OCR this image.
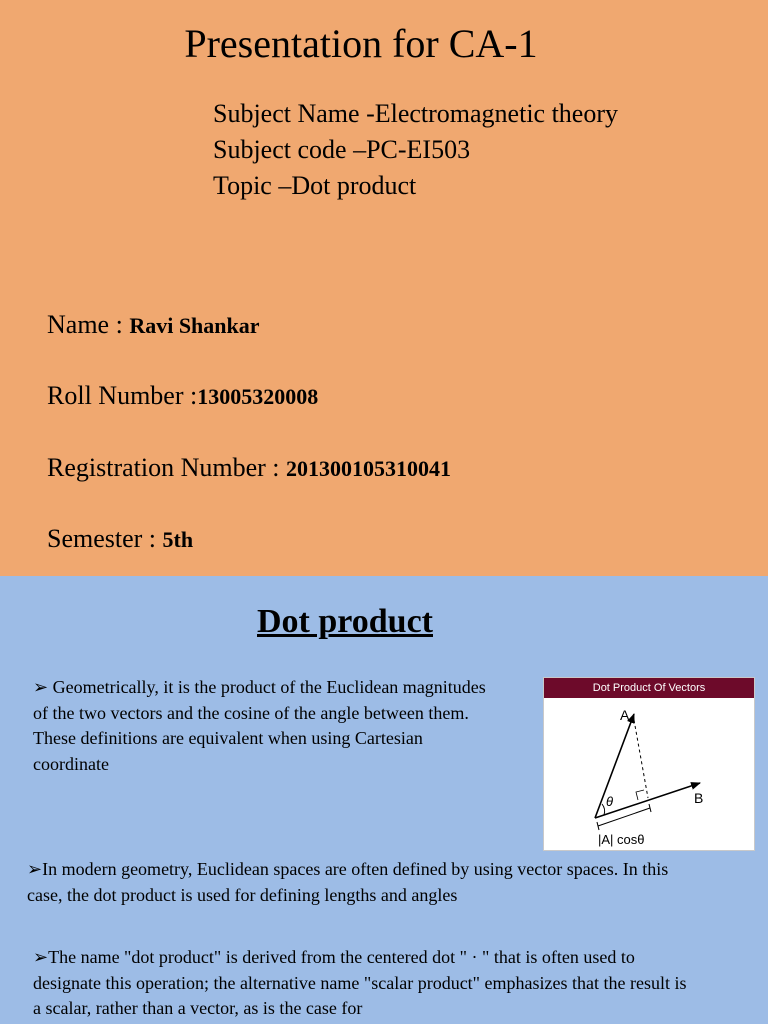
Presentation for CA-1
Subject Name -Electromagnetic theory
Subject code –PC-EI503
Topic –Dot product
Name : Ravi Shankar
Roll Number :13005320008
Registration Number : 201300105310041
Semester : 5th
Dot product
➢ Geometrically, it is the product of the Euclidean magnitudes of the two vectors and the cosine of the angle between them. These definitions are equivalent when using Cartesian coordinate
➢In modern geometry, Euclidean spaces are often defined by using vector spaces. In this case, the dot product is used for defining lengths and angles
➢The name "dot product" is derived from the centered dot " · " that is often used to designate this operation; the alternative name "scalar product" emphasizes that the result is a scalar, rather than a vector, as is the case for
Dot Product Of Vectors
A
B
θ
|A| cosθ
